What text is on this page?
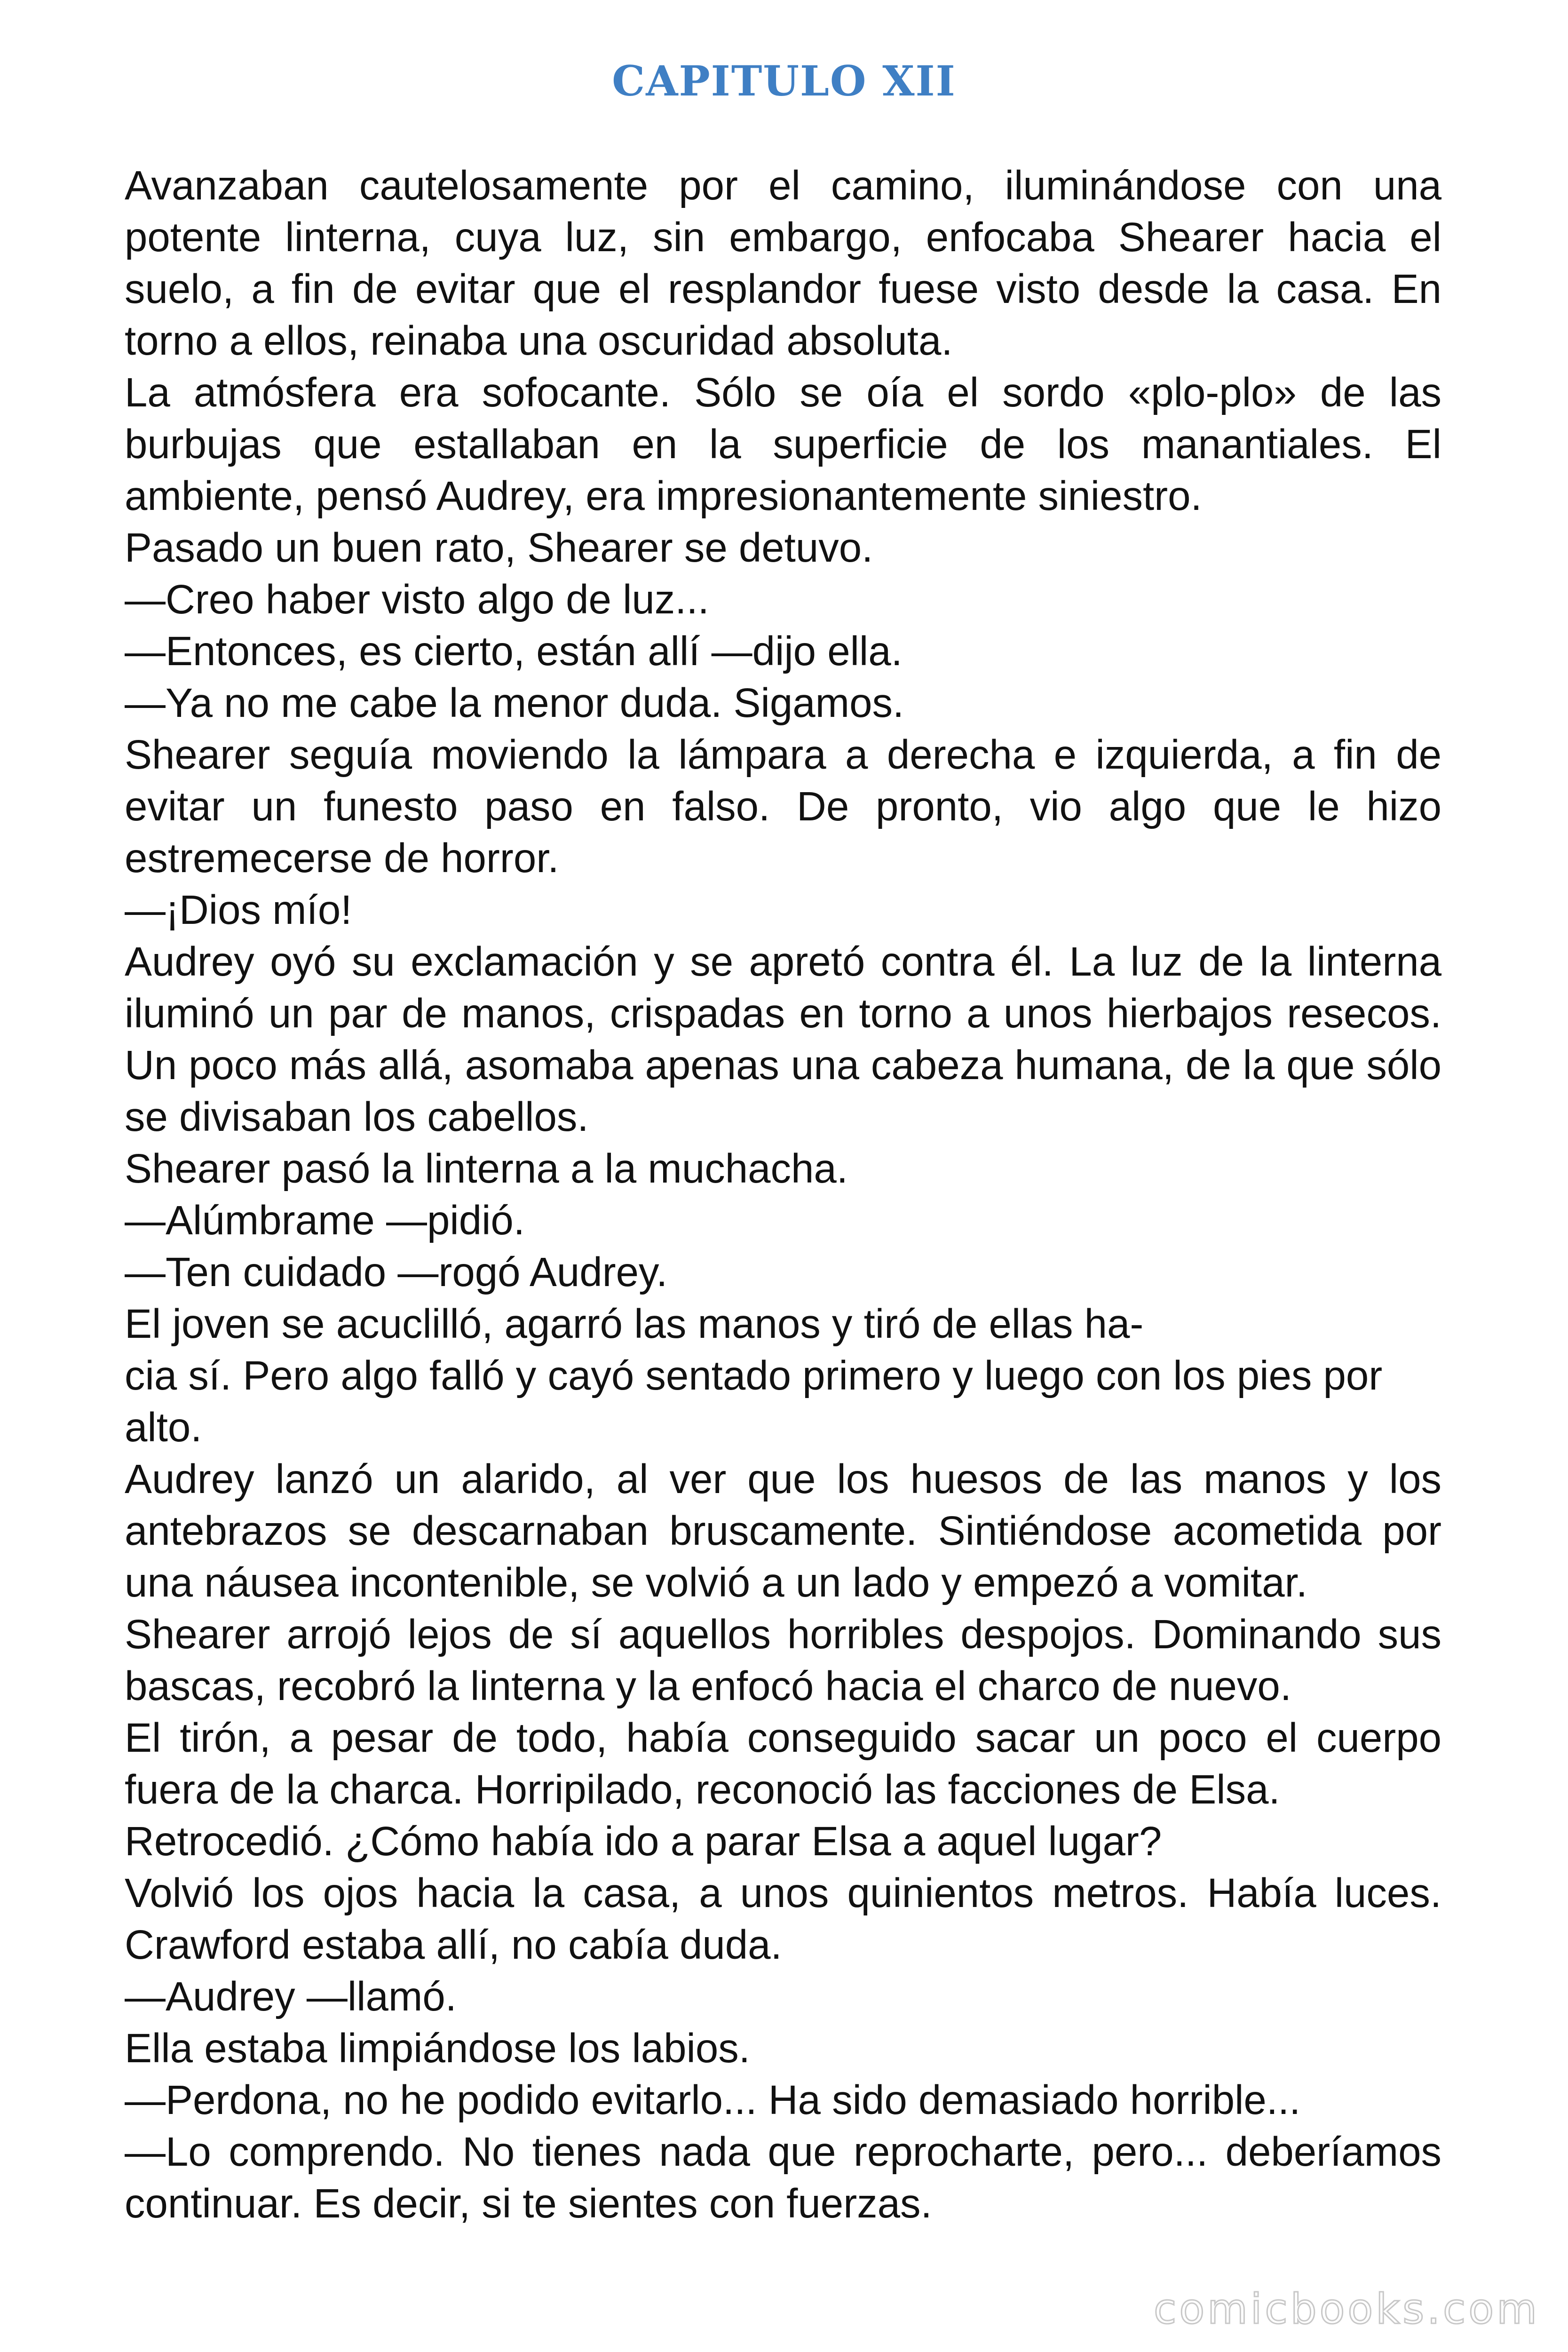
CAPITULO XII

Avanzaban cautelosamente por el camino, iluminándose con una potente linterna, cuya luz, sin embargo, enfocaba Shearer hacia el suelo, a fin de evitar que el resplandor fuese visto desde la casa. En torno a ellos, reinaba una oscuridad absoluta.

La atmósfera era sofocante. Sólo se oía el sordo «plo-plo» de las burbujas que estallaban en la superficie de los manantiales. El ambiente, pensó Audrey, era impresionantemente siniestro.

Pasado un buen rato, Shearer se detuvo.

—Creo haber visto algo de luz...

—Entonces, es cierto, están allí —dijo ella.

—Ya no me cabe la menor duda. Sigamos.

Shearer seguía moviendo la lámpara a derecha e izquierda, a fin de evitar un funesto paso en falso. De pronto, vio algo que le hizo estremecerse de horror.

—¡Dios mío!

Audrey oyó su exclamación y se apretó contra él. La luz de la linterna iluminó un par de manos, crispadas en torno a unos hierbajos resecos. Un poco más allá, asomaba apenas una cabeza humana, de la que sólo se divisaban los cabellos.

Shearer pasó la linterna a la muchacha.

—Alúmbrame —pidió.

—Ten cuidado —rogó Audrey.

El joven se acuclilló, agarró las manos y tiró de ellas ha-

cia sí. Pero algo falló y cayó sentado primero y luego con los pies por alto.

Audrey lanzó un alarido, al ver que los huesos de las manos y los antebrazos se descarnaban bruscamente. Sintiéndose acometida por una náusea incontenible, se volvió a un lado y empezó a vomitar.

Shearer arrojó lejos de sí aquellos horribles despojos. Dominando sus bascas, recobró la linterna y la enfocó hacia el charco de nuevo.

El tirón, a pesar de todo, había conseguido sacar un poco el cuerpo fuera de la charca. Horripilado, reconoció las facciones de Elsa.

Retrocedió. ¿Cómo había ido a parar Elsa a aquel lugar?

Volvió los ojos hacia la casa, a unos quinientos metros. Había luces. Crawford estaba allí, no cabía duda.

—Audrey —llamó.

Ella estaba limpiándose los labios.

—Perdona, no he podido evitarlo... Ha sido demasiado horrible...

—Lo comprendo. No tienes nada que reprocharte, pero... deberíamos continuar. Es decir, si te sientes con fuerzas.

comicbooks.com
